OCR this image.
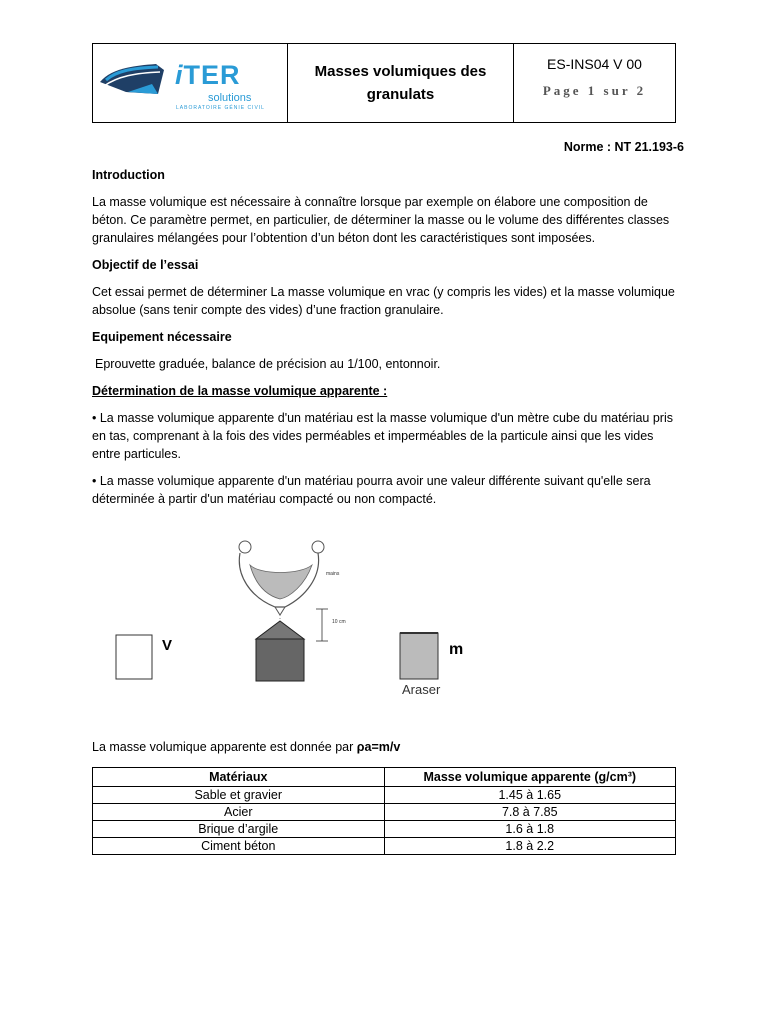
iTER
solutions
LABORATOIRE GÉNIE CIVIL
Masses volumiques des granulats
ES-INS04 V 00
Page 1 sur 2
Norme : NT 21.193-6
Introduction
La masse volumique est nécessaire à connaître lorsque par exemple on élabore une composition de béton. Ce paramètre permet, en particulier, de déterminer la masse ou le volume des différentes classes granulaires mélangées pour l’obtention d’un béton dont les caractéristiques sont imposées.
Objectif de l’essai
Cet essai permet de déterminer La masse volumique en vrac (y compris les vides) et la masse volumique absolue (sans tenir compte des vides) d’une fraction granulaire.
Equipement nécessaire
Eprouvette graduée, balance de précision au 1/100, entonnoir.
Détermination de la masse volumique apparente :
• La masse volumique apparente d'un matériau est la masse volumique d'un mètre cube du matériau pris en tas, comprenant à la fois des vides perméables et imperméables de la particule ainsi que les vides entre particules.
• La masse volumique apparente d'un matériau pourra avoir une valeur différente suivant qu'elle sera déterminée à partir d'un matériau compacté ou non compacté.
V	m
Araser
mains
10 cm
La masse volumique apparente est donnée par ρa=m/v
Matériaux	Masse volumique apparente (g/cm³)
Sable et gravier	1.45 à 1.65
Acier	7.8 à 7.85
Brique d’argile	1.6 à 1.8
Ciment béton	1.8 à 2.2
